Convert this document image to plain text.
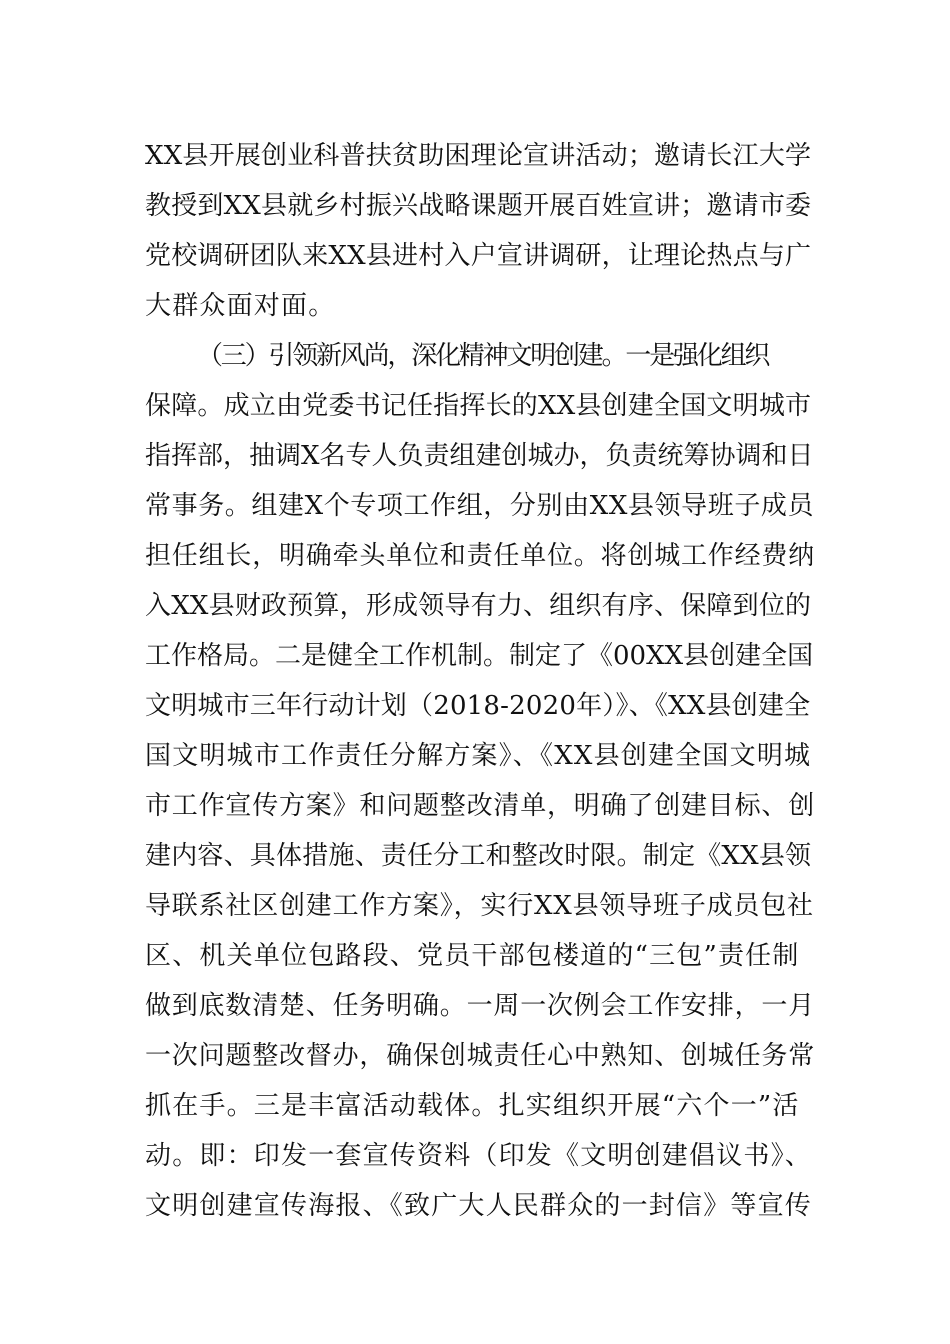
XX县开展创业科普扶贫助困理论宣讲活动；邀请长江大学
教授到XX县就乡村振兴战略课题开展百姓宣讲；邀请市委
党校调研团队来XX县进村入户宣讲调研，让理论热点与广
大群众面对面。
（三）引领新风尚，深化精神文明创建。一是强化组织
保障。成立由党委书记任指挥长的XX县创建全国文明城市
指挥部，抽调X名专人负责组建创城办，负责统筹协调和日
常事务。组建X个专项工作组，分别由XX县领导班子成员
担任组长，明确牵头单位和责任单位。将创城工作经费纳
入XX县财政预算，形成领导有力、组织有序、保障到位的
工作格局。二是健全工作机制。制定了《00XX县创建全国
文明城市三年行动计划（2018-2020年）》、《XX县创建全
国文明城市工作责任分解方案》、《XX县创建全国文明城
市工作宣传方案》和问题整改清单，明确了创建目标、创
建内容、具体措施、责任分工和整改时限。制定《XX县领
导联系社区创建工作方案》，实行XX县领导班子成员包社
区、机关单位包路段、党员干部包楼道的“三包”责任制
做到底数清楚、任务明确。一周一次例会工作安排，一月
一次问题整改督办，确保创城责任心中熟知、创城任务常
抓在手。三是丰富活动载体。扎实组织开展“六个一”活
动。即：印发一套宣传资料（印发《文明创建倡议书》、
文明创建宣传海报、《致广大人民群众的一封信》等宣传
